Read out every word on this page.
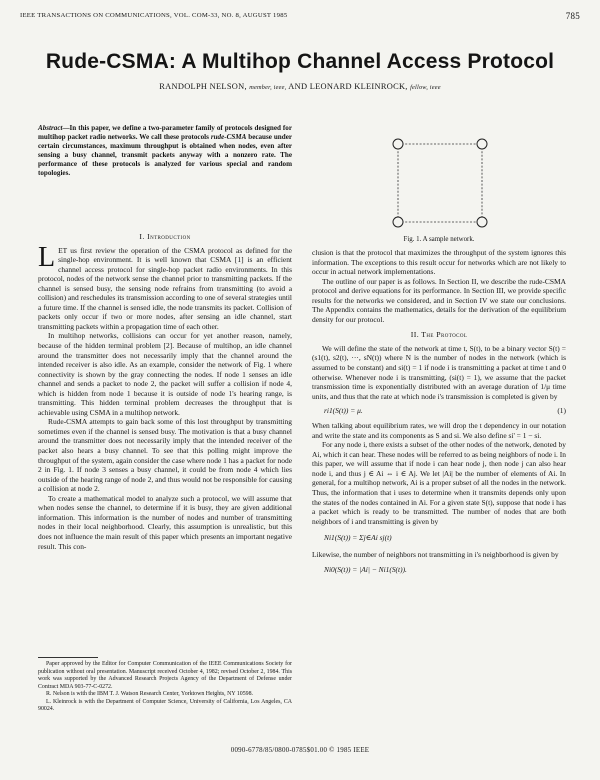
IEEE TRANSACTIONS ON COMMUNICATIONS, VOL. COM-33, NO. 8, AUGUST 1985	785
Rude-CSMA: A Multihop Channel Access Protocol
RANDOLPH NELSON, member, ieee, AND LEONARD KLEINROCK, fellow, ieee
Abstract—In this paper, we define a two-parameter family of protocols designed for multihop packet radio networks. We call these protocols rude-CSMA because under certain circumstances, maximum throughput is obtained when nodes, even after sensing a busy channel, transmit packets anyway with a nonzero rate. The performance of these protocols is analyzed for various special and random topologies.

I. Introduction

LET us first review the operation of the CSMA protocol as defined for the single-hop environment. It is well known that CSMA [1] is an efficient channel access protocol for single-hop packet radio environments. In this protocol, nodes of the network sense the channel prior to transmitting packets. If the channel is sensed busy, the sensing node refrains from transmitting (to avoid a collision) and reschedules its transmission according to one of several strategies until a future time. If the channel is sensed idle, the node transmits its packet. Collision of packets only occur if two or more nodes, after sensing an idle channel, start transmitting packets within a propagation time of each other.

In multihop networks, collisions can occur for yet another reason, namely, because of the hidden terminal problem [2]. Because of multihop, an idle channel around the transmitter does not necessarily imply that the channel around the intended receiver is also idle. As an example, consider the network of Fig. 1 where connectivity is shown by the gray connecting the nodes. If node 1 senses an idle channel and sends a packet to node 2, the packet will suffer a collision if node 4, which is hidden from node 1 because it is outside of node 1's hearing range, is transmitting. This hidden terminal problem decreases the throughput that is achievable using CSMA in a multihop network.

Rude-CSMA attempts to gain back some of this lost throughput by transmitting sometimes even if the channel is sensed busy. The motivation is that a busy channel around the transmitter does not necessarily imply that the intended receiver of the packet also hears a busy channel. To see that this polling might improve the throughput of the system, again consider the case where node 1 has a packet for node 2 in Fig. 1. If node 3 senses a busy channel, it could be from node 4 which lies outside of the hearing range of node 2, and thus would not be responsible for causing a collision at node 2.

To create a mathematical model to analyze such a protocol, we will assume that when nodes sense the channel, to determine if it is busy, they are given additional information. This information is the number of nodes and number of transmitting nodes in their local neighborhood. Clearly, this assumption is unrealistic, but this does not influence the main result of this paper which presents an important negative result. This con-

Fig. 1. A sample network.

clusion is that the protocol that maximizes the throughput of the system ignores this information. The exceptions to this result occur for networks which are not likely to occur in actual network implementations.

The outline of our paper is as follows. In Section II, we describe the rude-CSMA protocol and derive equations for its performance. In Section III, we provide specific results for the networks we considered, and in Section IV we state our conclusions. The Appendix contains the mathematics, details for the derivation of the equilibrium density for our protocol.

II. The Protocol

We will define the state of the network at time t, S(t), to be a binary vector S(t) = (s1(t), s2(t), ···, sN(t)) where N is the number of nodes in the network (which is assumed to be constant) and si(t) = 1 if node i is transmitting a packet at time t and 0 otherwise. Whenever node i is transmitting, (si(t) = 1), we assume that the packet transmission time is exponentially distributed with an average duration of 1/μ time units, and thus that the rate at which node i's transmission is completed is given by

ri1(S(t)) = μ.	(1)

When talking about equilibrium rates, we will drop the t dependency in our notation and write the state and its components as S and si. We also define si' = 1 − si.

For any node i, there exists a subset of the other nodes of the network, denoted by Ai, which it can hear. These nodes will be referred to as being neighbors of node i. In this paper, we will assume that if node i can hear node j, then node j can also hear node i, and thus j ∈ Ai ⇔ i ∈ Aj. We let |Ai| be the number of elements of Ai. In general, for a multihop network, Ai is a proper subset of all the nodes in the network. Thus, the information that i uses to determine when it transmits depends only upon the states of the nodes contained in Ai. For a given state S(t), suppose that node i has a packet which is ready to be transmitted. The number of nodes that are both neighbors of i and transmitting is given by

Ni1(S(t)) = Σj∈Ai sj(t)

Likewise, the number of neighbors not transmitting in i's neighborhood is given by

Ni0(S(t)) = |Ai| − Ni1(S(t)).

Paper approved by the Editor for Computer Communication of the IEEE Communications Society for publication without oral presentation. Manuscript received October 4, 1982; revised October 2, 1984. This work was supported by the Advanced Research Projects Agency of the Department of Defense under Contract MDA 903-77-C-0272.

R. Nelson is with the IBM T. J. Watson Research Center, Yorktown Heights, NY 10598.

L. Kleinrock is with the Department of Computer Science, University of California, Los Angeles, CA 90024.

0090-6778/85/0800-0785$01.00 © 1985 IEEE
